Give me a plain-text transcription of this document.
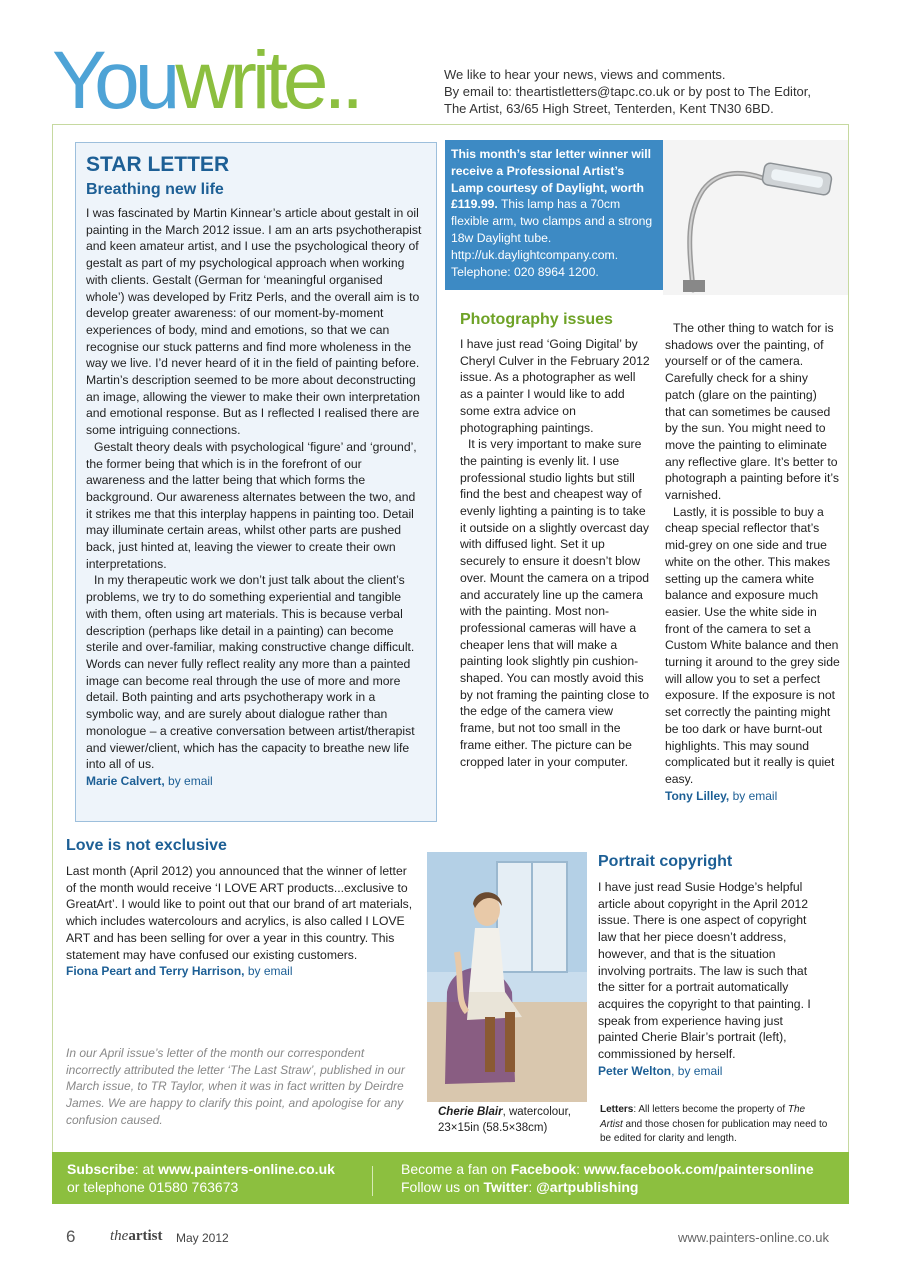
Youwrite..	We like to hear your news, views and comments.
By email to: theartistletters@tapc.co.uk or by post to The Editor,
The Artist, 63/65 High Street, Tenterden, Kent TN30 6BD.
STAR LETTER
Breathing new life

I was fascinated by Martin Kinnear’s article about gestalt in oil painting in the March 2012 issue. I am an arts psychotherapist and keen amateur artist, and I use the psychological theory of gestalt as part of my psychological approach when working with clients. Gestalt (German for ‘meaningful organised whole’) was developed by Fritz Perls, and the overall aim is to develop greater awareness: of our moment-by-moment experiences of body, mind and emotions, so that we can recognise our stuck patterns and find more wholeness in the way we live. I’d never heard of it in the field of painting before. Martin’s description seemed to be more about deconstructing an image, allowing the viewer to make their own interpretation and emotional response. But as I reflected I realised there are some intriguing connections.

Gestalt theory deals with psychological ‘figure’ and ‘ground’, the former being that which is in the forefront of our awareness and the latter being that which forms the background. Our awareness alternates between the two, and it strikes me that this interplay happens in painting too. Detail may illuminate certain areas, whilst other parts are pushed back, just hinted at, leaving the viewer to create their own interpretations.

In my therapeutic work we don’t just talk about the client’s problems, we try to do something experiential and tangible with them, often using art materials. This is because verbal description (perhaps like detail in a painting) can become sterile and over-familiar, making constructive change difficult. Words can never fully reflect reality any more than a painted image can become real through the use of more and more detail. Both painting and arts psychotherapy work in a symbolic way, and are surely about dialogue rather than monologue – a creative conversation between artist/therapist and viewer/client, which has the capacity to breathe new life into all of us.

Marie Calvert, by email
This month’s star letter winner will receive a Professional Artist’s Lamp courtesy of Daylight, worth £119.99. This lamp has a 70cm flexible arm, two clamps and a strong 18w Daylight tube. http://uk.daylightcompany.com. Telephone: 020 8964 1200.
Photography issues

I have just read ‘Going Digital’ by Cheryl Culver in the February 2012 issue. As a photographer as well as a painter I would like to add some extra advice on photographing paintings.

It is very important to make sure the painting is evenly lit. I use professional studio lights but still find the best and cheapest way of evenly lighting a painting is to take it outside on a slightly overcast day with diffused light. Set it up securely to ensure it doesn’t blow over. Mount the camera on a tripod and accurately line up the camera with the painting. Most non-professional cameras will have a cheaper lens that will make a painting look slightly pin cushion-shaped. You can mostly avoid this by not framing the painting close to the edge of the camera view frame, but not too small in the frame either. The picture can be cropped later in your computer.

The other thing to watch for is shadows over the painting, of yourself or of the camera. Carefully check for a shiny patch (glare on the painting) that can sometimes be caused by the sun. You might need to move the painting to eliminate any reflective glare. It’s better to photograph a painting before it’s varnished.

Lastly, it is possible to buy a cheap special reflector that’s mid-grey on one side and true white on the other. This makes setting up the camera white balance and exposure much easier. Use the white side in front of the camera to set a Custom White balance and then turning it around to the grey side will allow you to set a perfect exposure. If the exposure is not set correctly the painting might be too dark or have burnt-out highlights. This may sound complicated but it really is quiet easy.

Tony Lilley, by email
Love is not exclusive

Last month (April 2012) you announced that the winner of letter of the month would receive ‘I LOVE ART products...exclusive to GreatArt’. I would like to point out that our brand of art materials, which includes watercolours and acrylics, is also called I LOVE ART and has been selling for over a year in this country. This statement may have confused our existing customers.

Fiona Peart and Terry Harrison, by email
In our April issue’s letter of the month our correspondent incorrectly attributed the letter ‘The Last Straw’, published in our March issue, to TR Taylor, when it was in fact written by Deirdre James. We are happy to clarify this point, and apologise for any confusion caused.
Cherie Blair, watercolour, 23×15in (58.5×38cm)
Portrait copyright

I have just read Susie Hodge’s helpful article about copyright in the April 2012 issue. There is one aspect of copyright law that her piece doesn’t address, however, and that is the situation involving portraits. The law is such that the sitter for a portrait automatically acquires the copyright to that painting. I speak from experience having just painted Cherie Blair’s portrait (left), commissioned by herself.

Peter Welton, by email
Letters: All letters become the property of The Artist and those chosen for publication may need to be edited for clarity and length.
Subscribe: at www.painters-online.co.uk
or telephone 01580 763673
Become a fan on Facebook: www.facebook.com/paintersonline
Follow us on Twitter: @artpublishing
6 theartist May 2012	www.painters-online.co.uk
